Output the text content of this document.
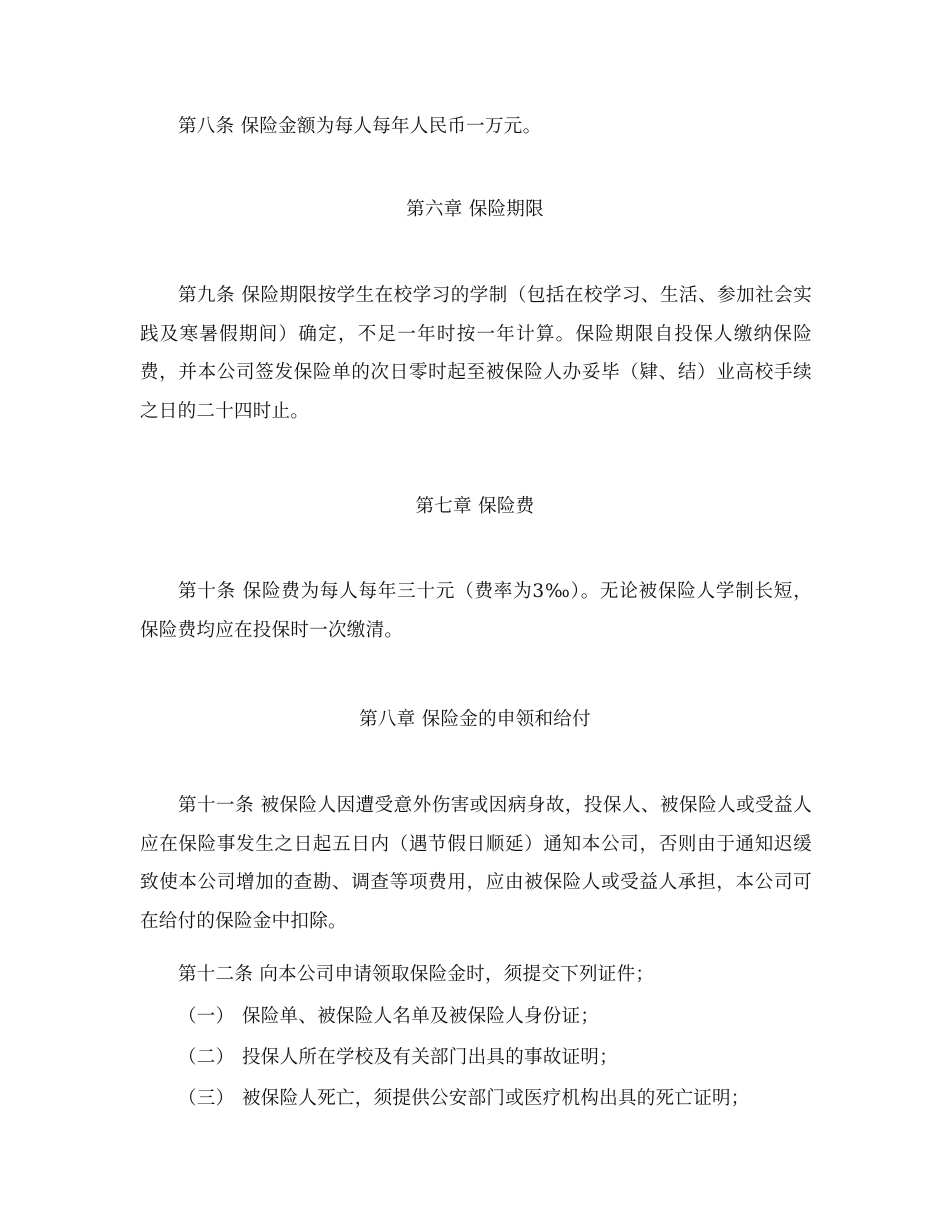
第八条 保险金额为每人每年人民币一万元。
第六章 保险期限
第九条 保险期限按学生在校学习的学制（包括在校学习、生活、参加社会实践及寒暑假期间）确定，不足一年时按一年计算。保险期限自投保人缴纳保险费，并本公司签发保险单的次日零时起至被保险人办妥毕（肄、结）业高校手续之日的二十四时止。
第七章 保险费
第十条 保险费为每人每年三十元（费率为3‰）。无论被保险人学制长短，保险费均应在投保时一次缴清。
第八章 保险金的申领和给付
第十一条 被保险人因遭受意外伤害或因病身故，投保人、被保险人或受益人应在保险事发生之日起五日内（遇节假日顺延）通知本公司，否则由于通知迟缓致使本公司增加的查勘、调查等项费用，应由被保险人或受益人承担，本公司可在给付的保险金中扣除。
第十二条 向本公司申请领取保险金时，须提交下列证件；
（一） 保险单、被保险人名单及被保险人身份证；
（二） 投保人所在学校及有关部门出具的事故证明；
（三） 被保险人死亡，须提供公安部门或医疗机构出具的死亡证明；
